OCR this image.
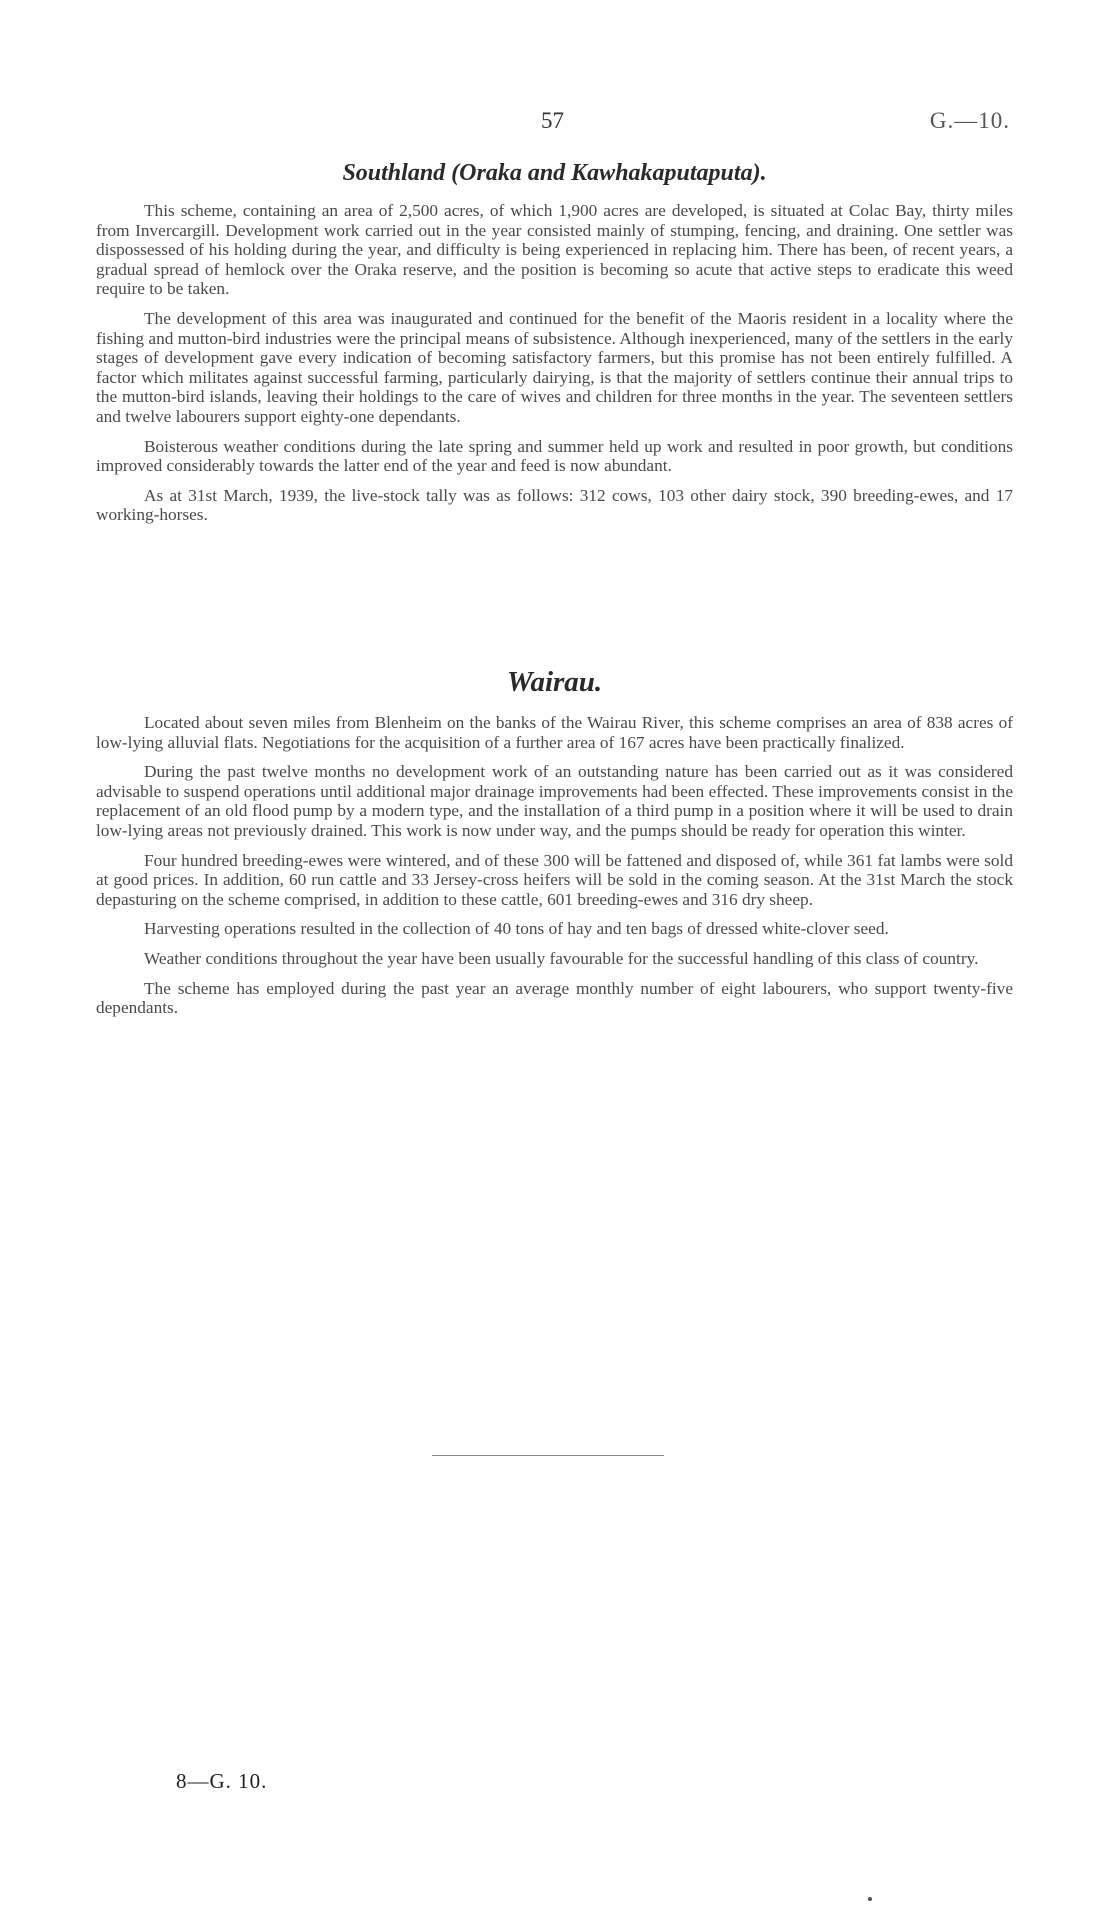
57	G.—10.
Southland (Oraka and Kawhakaputaputa).

This scheme, containing an area of 2,500 acres, of which 1,900 acres are developed, is situated at Colac Bay, thirty miles from Invercargill. Development work carried out in the year consisted mainly of stumping, fencing, and draining. One settler was dispossessed of his holding during the year, and difficulty is being experienced in replacing him. There has been, of recent years, a gradual spread of hemlock over the Oraka reserve, and the position is becoming so acute that active steps to eradicate this weed require to be taken.

The development of this area was inaugurated and continued for the benefit of the Maoris resident in a locality where the fishing and mutton-bird industries were the principal means of subsistence. Although inexperienced, many of the settlers in the early stages of development gave every indication of becoming satisfactory farmers, but this promise has not been entirely fulfilled. A factor which militates against successful farming, particularly dairying, is that the majority of settlers continue their annual trips to the mutton-bird islands, leaving their holdings to the care of wives and children for three months in the year. The seventeen settlers and twelve labourers support eighty-one dependants.

Boisterous weather conditions during the late spring and summer held up work and resulted in poor growth, but conditions improved considerably towards the latter end of the year and feed is now abundant.

As at 31st March, 1939, the live-stock tally was as follows: 312 cows, 103 other dairy stock, 390 breeding-ewes, and 17 working-horses.

Wairau.

Located about seven miles from Blenheim on the banks of the Wairau River, this scheme comprises an area of 838 acres of low-lying alluvial flats. Negotiations for the acquisition of a further area of 167 acres have been practically finalized.

During the past twelve months no development work of an outstanding nature has been carried out as it was considered advisable to suspend operations until additional major drainage improvements had been effected. These improvements consist in the replacement of an old flood pump by a modern type, and the installation of a third pump in a position where it will be used to drain low-lying areas not previously drained. This work is now under way, and the pumps should be ready for operation this winter.

Four hundred breeding-ewes were wintered, and of these 300 will be fattened and disposed of, while 361 fat lambs were sold at good prices. In addition, 60 run cattle and 33 Jersey-cross heifers will be sold in the coming season. At the 31st March the stock depasturing on the scheme comprised, in addition to these cattle, 601 breeding-ewes and 316 dry sheep.

Harvesting operations resulted in the collection of 40 tons of hay and ten bags of dressed white-clover seed.

Weather conditions throughout the year have been usually favourable for the successful handling of this class of country.

The scheme has employed during the past year an average monthly number of eight labourers, who support twenty-five dependants.

8—G. 10.
